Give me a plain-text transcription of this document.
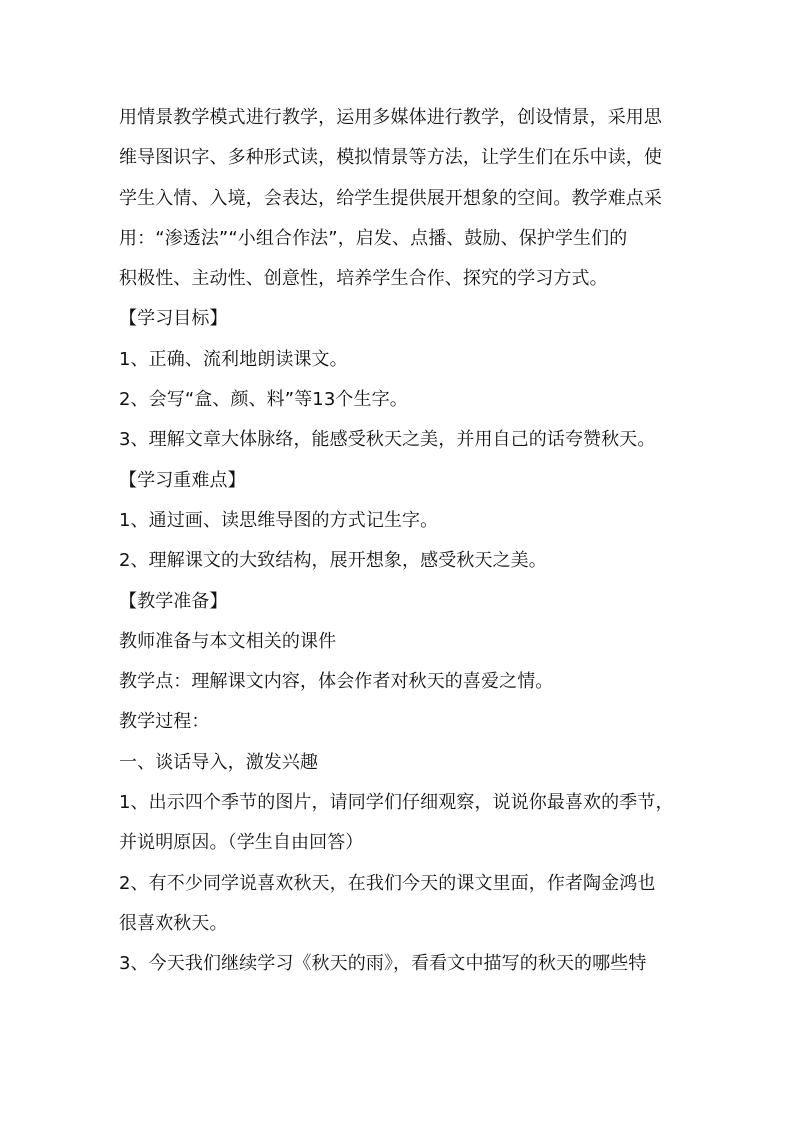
用情景教学模式进行教学，运用多媒体进行教学，创设情景，采用思
维导图识字、多种形式读，模拟情景等方法，让学生们在乐中读，使
学生入情、入境，会表达，给学生提供展开想象的空间。教学难点采
用：“渗透法”“小组合作法”，启发、点播、鼓励、保护学生们的
积极性、主动性、创意性，培养学生合作、探究的学习方式。
【学习目标】
1、正确、流利地朗读课文。
2、会写“盒、颜、料”等13个生字。
3、理解文章大体脉络，能感受秋天之美，并用自己的话夸赞秋天。
【学习重难点】
1、通过画、读思维导图的方式记生字。
2、理解课文的大致结构，展开想象，感受秋天之美。
【教学准备】
教师准备与本文相关的课件
教学点：理解课文内容，体会作者对秋天的喜爱之情。
教学过程：
一、谈话导入，激发兴趣
1、出示四个季节的图片，请同学们仔细观察，说说你最喜欢的季节，
并说明原因。（学生自由回答）
2、有不少同学说喜欢秋天，在我们今天的课文里面，作者陶金鸿也
很喜欢秋天。
3、今天我们继续学习《秋天的雨》，看看文中描写的秋天的哪些特
